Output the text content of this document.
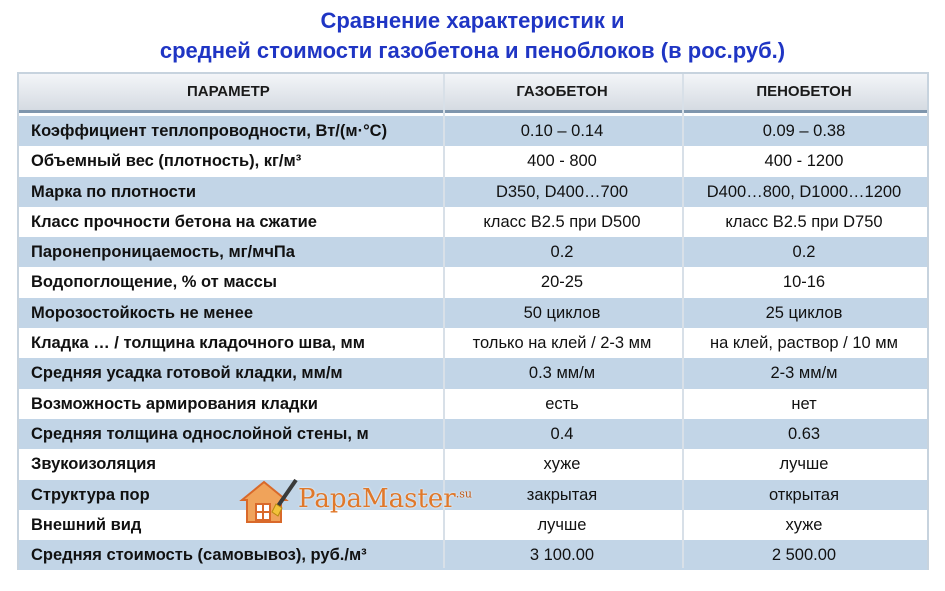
Сравнение характеристик и
средней стоимости газобетона и пеноблоков (в рос.руб.)
ПАРАМЕТР	ГАЗОБЕТОН	ПЕНОБЕТОН
Коэффициент теплопроводности, Вт/(м·°С)	0.10 – 0.14	0.09 – 0.38
Объемный вес (плотность), кг/м³	400 - 800	400 - 1200
Марка по плотности	D350, D400…700	D400…800, D1000…1200
Класс прочности бетона на сжатие	класс В2.5 при D500	класс В2.5 при D750
Паронепроницаемость, мг/мчПа	0.2	0.2
Водопоглощение, % от массы	20-25	10-16
Морозостойкость не менее	50 циклов	25 циклов
Кладка … / толщина кладочного шва, мм	только на клей / 2-3 мм	на клей, раствор / 10 мм
Средняя усадка готовой кладки, мм/м	0.3 мм/м	2-3 мм/м
Возможность армирования кладки	есть	нет
Средняя толщина однослойной стены, м	0.4	0.63
Звукоизоляция	хуже	лучше
Структура пор	закрытая	открытая
Внешний вид	лучше	хуже
Средняя стоимость (самовывоз), руб./м³	3 100.00	2 500.00
PapaMaster$^{.su}$
